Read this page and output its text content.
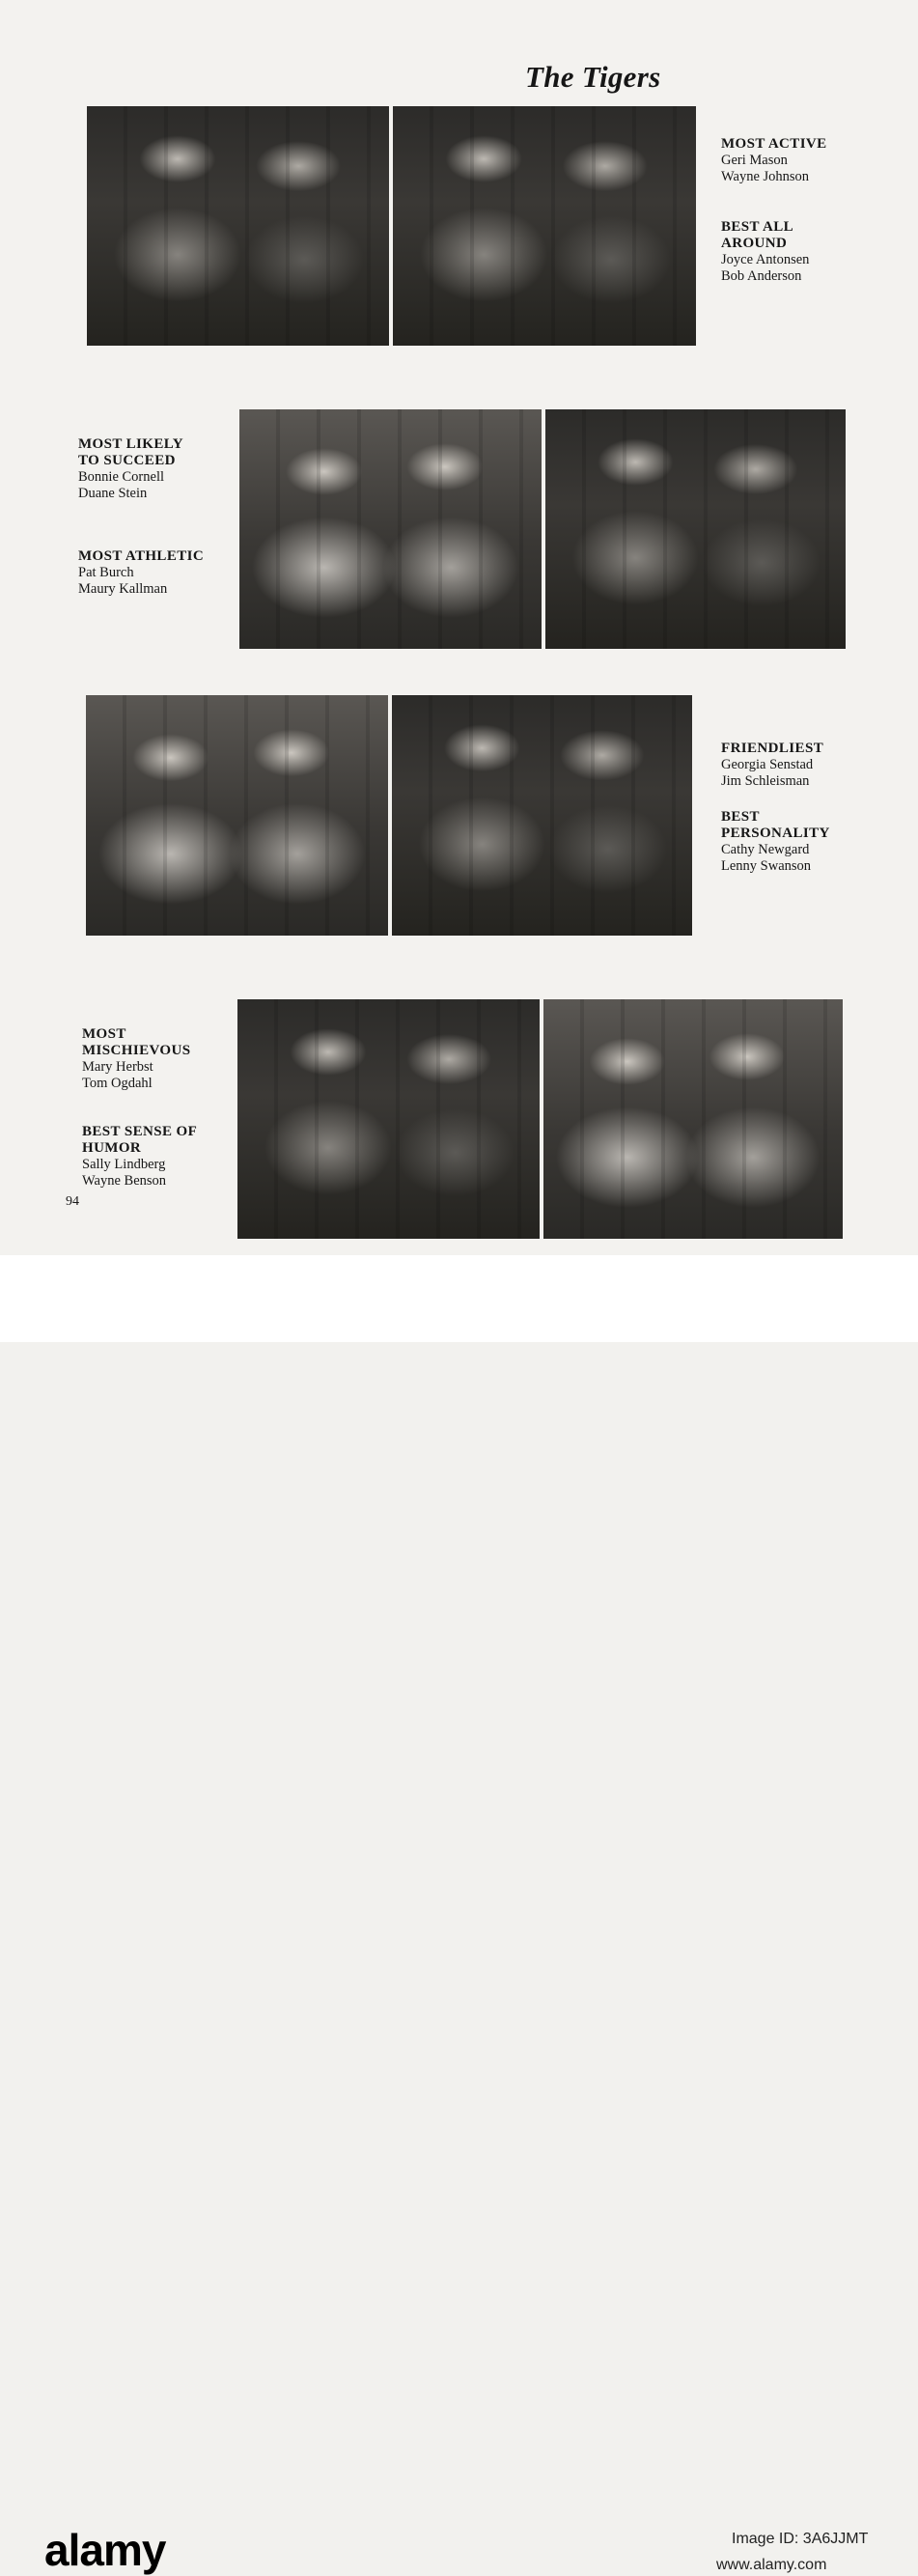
The Tigers
MOST ACTIVE
Geri Mason
Wayne Johnson
BEST ALL
AROUND
Joyce Antonsen
Bob Anderson
MOST LIKELY
TO SUCCEED
Bonnie Cornell
Duane Stein
MOST ATHLETIC
Pat Burch
Maury Kallman
FRIENDLIEST
Georgia Senstad
Jim Schleisman
BEST
PERSONALITY
Cathy Newgard
Lenny Swanson
MOST
MISCHIEVOUS
Mary Herbst
Tom Ogdahl
BEST SENSE OF
HUMOR
Sally Lindberg
Wayne Benson
94
alamy	Image ID: 3A6JJMT
www.alamy.com
